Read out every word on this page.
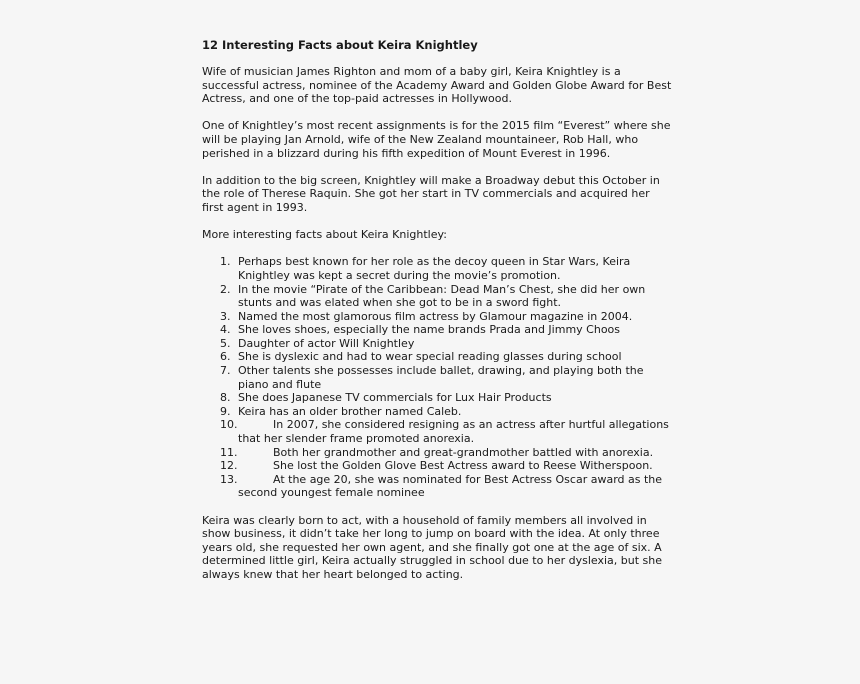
12 Interesting Facts about Keira Knightley

Wife of musician James Righton and mom of a baby girl, Keira Knightley is a successful actress, nominee of the Academy Award and Golden Globe Award for Best Actress, and one of the top-paid actresses in Hollywood.

One of Knightley’s most recent assignments is for the 2015 film “Everest” where she will be playing Jan Arnold, wife of the New Zealand mountaineer, Rob Hall, who perished in a blizzard during his fifth expedition of Mount Everest in 1996.

In addition to the big screen, Knightley will make a Broadway debut this October in the role of Therese Raquin. She got her start in TV commercials and acquired her first agent in 1993.

More interesting facts about Keira Knightley:

1. Perhaps best known for her role as the decoy queen in Star Wars, Keira Knightley was kept a secret during the movie’s promotion.
2. In the movie “Pirate of the Caribbean: Dead Man’s Chest, she did her own stunts and was elated when she got to be in a sword fight.
3. Named the most glamorous film actress by Glamour magazine in 2004.
4. She loves shoes, especially the name brands Prada and Jimmy Choos
5. Daughter of actor Will Knightley
6. She is dyslexic and had to wear special reading glasses during school
7. Other talents she possesses include ballet, drawing, and playing both the piano and flute
8. She does Japanese TV commercials for Lux Hair Products
9. Keira has an older brother named Caleb.
10.	In 2007, she considered resigning as an actress after hurtful allegations that her slender frame promoted anorexia.
11.	Both her grandmother and great-grandmother battled with anorexia.
12.	She lost the Golden Glove Best Actress award to Reese Witherspoon.
13.	At the age 20, she was nominated for Best Actress Oscar award as the second youngest female nominee

Keira was clearly born to act, with a household of family members all involved in show business, it didn’t take her long to jump on board with the idea. At only three years old, she requested her own agent, and she finally got one at the age of six. A determined little girl, Keira actually struggled in school due to her dyslexia, but she always knew that her heart belonged to acting.
